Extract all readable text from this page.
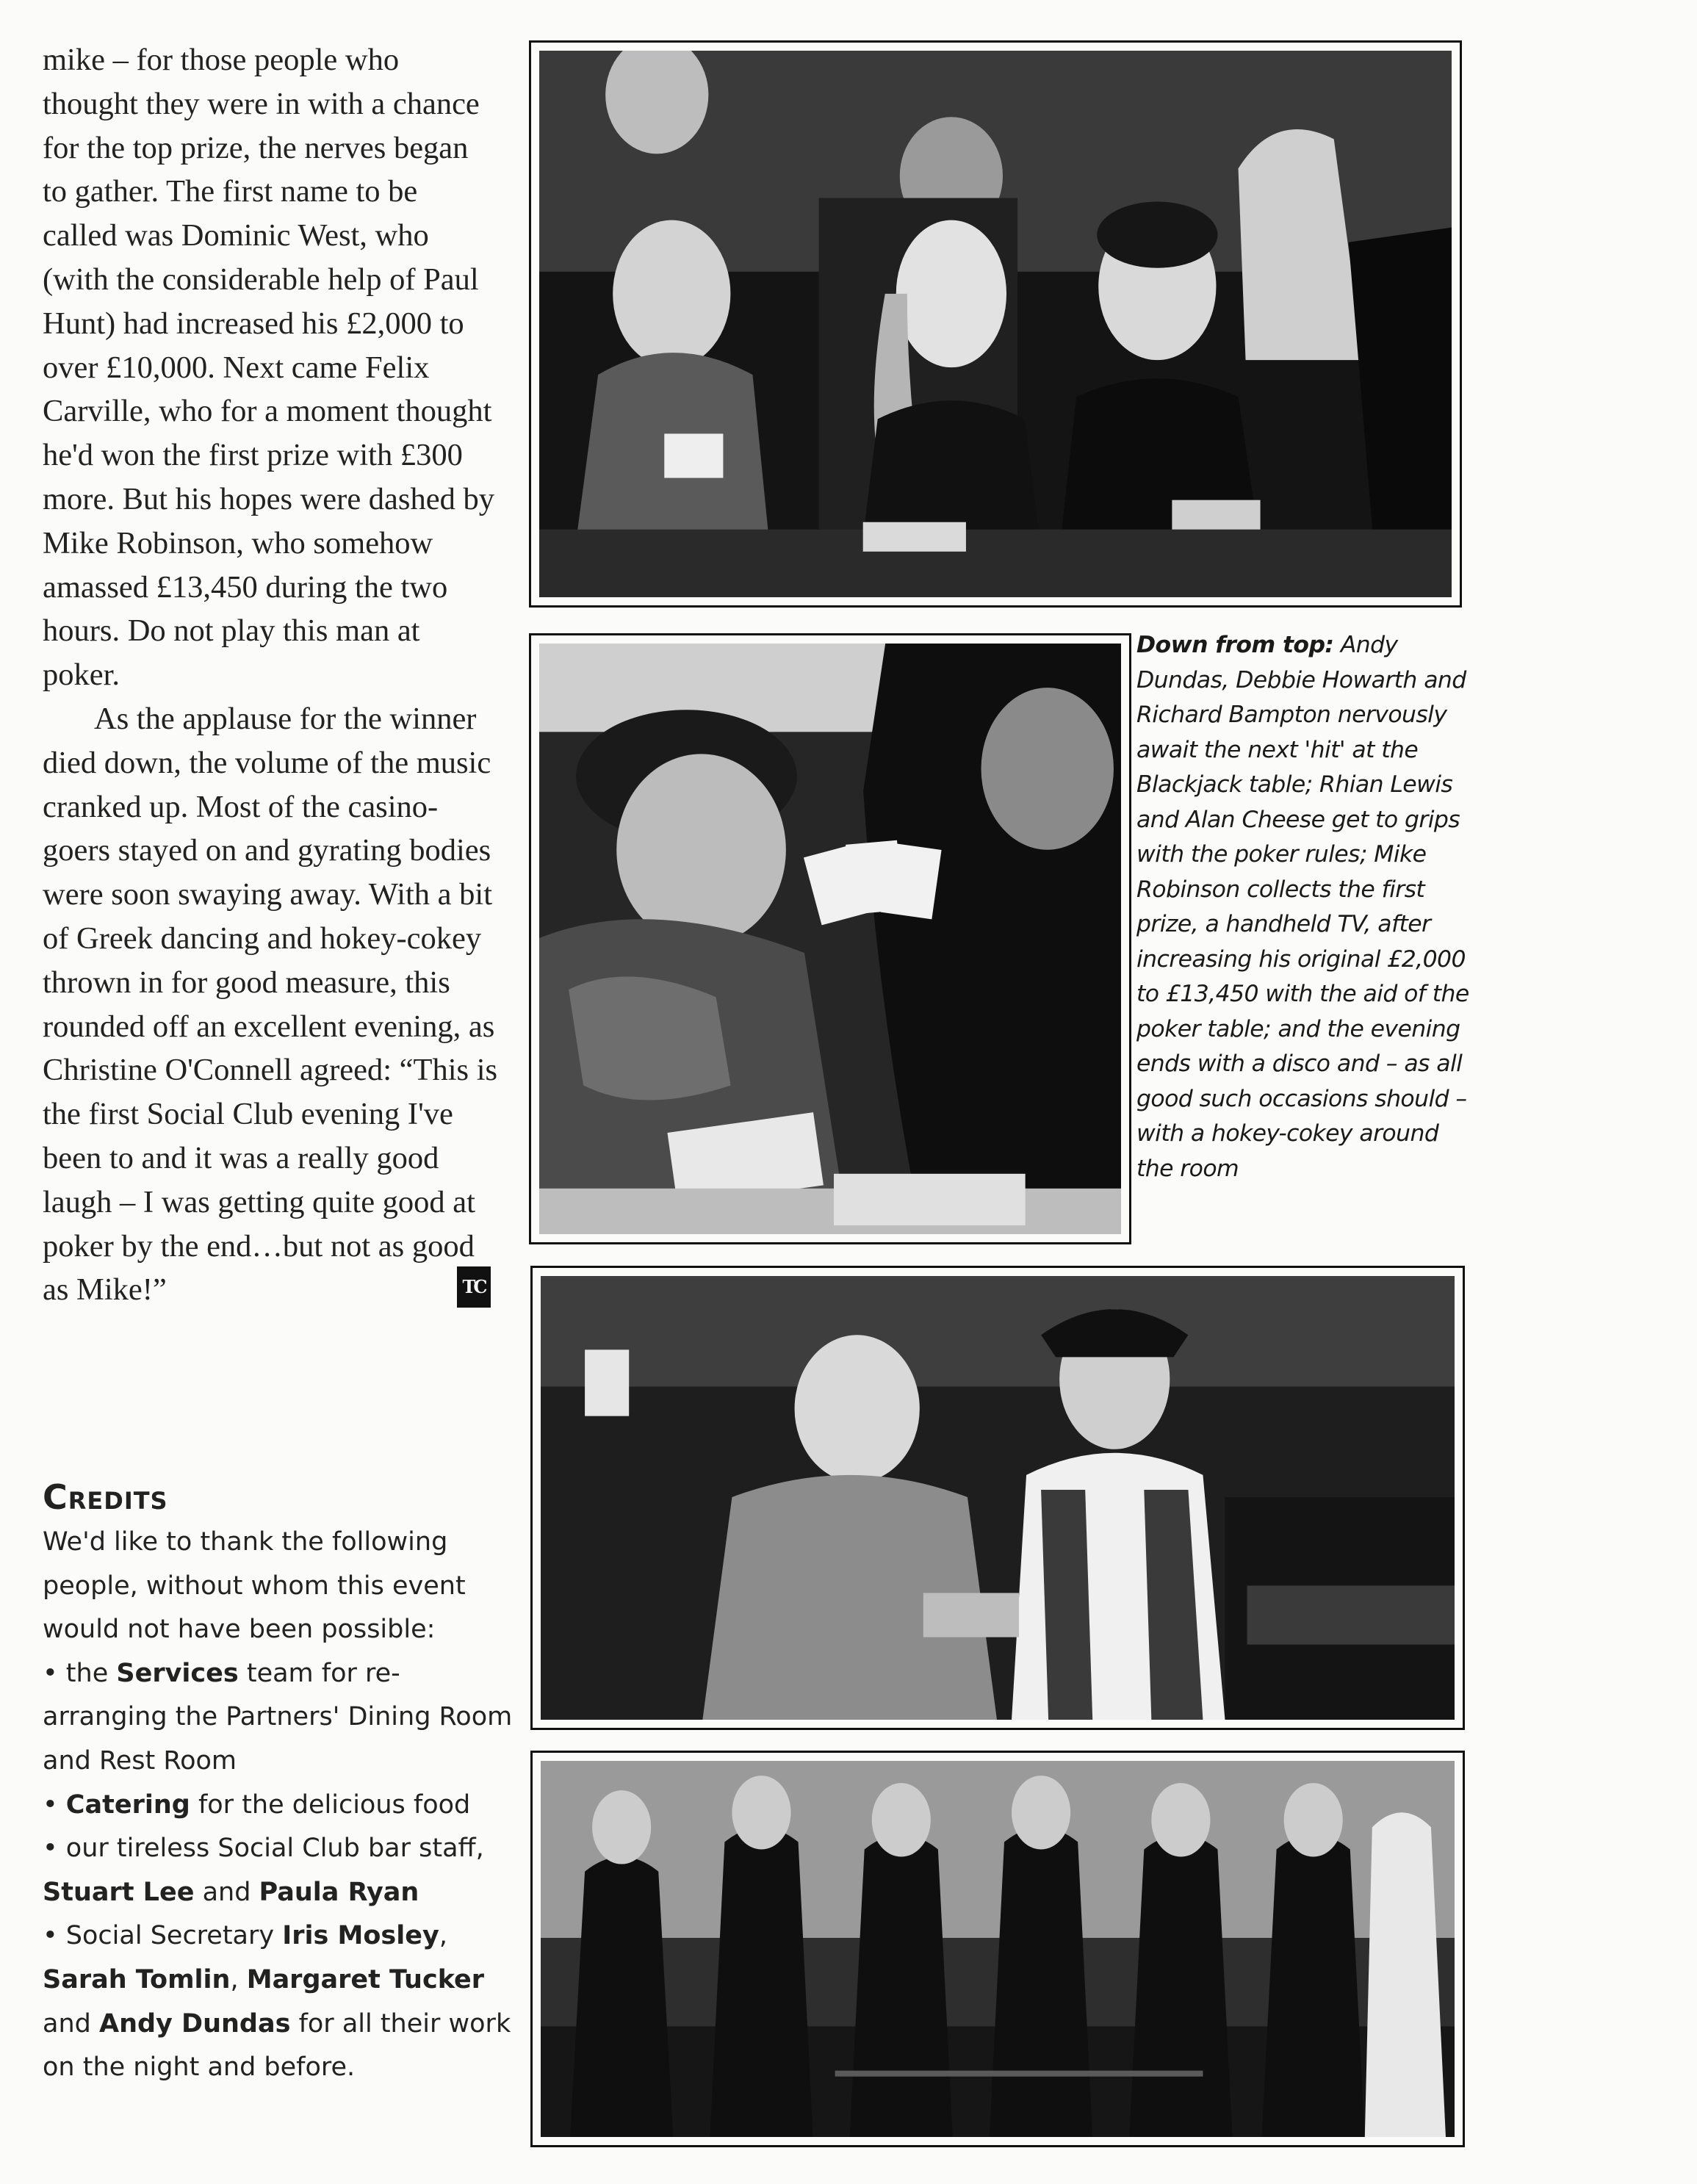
mike – for those people who thought they were in with a chance for the top prize, the nerves began to gather. The first name to be called was Dominic West, who (with the considerable help of Paul Hunt) had increased his £2,000 to over £10,000. Next came Felix Carville, who for a moment thought he'd won the first prize with £300 more. But his hopes were dashed by Mike Robinson, who somehow amassed £13,450 during the two hours. Do not play this man at poker.

As the applause for the winner died down, the volume of the music cranked up. Most of the casino-goers stayed on and gyrating bodies were soon swaying away. With a bit of Greek dancing and hokey-cokey thrown in for good measure, this rounded off an excellent evening, as Christine O'Connell agreed: “This is the first Social Club evening I've been to and it was a really good laugh – I was getting quite good at poker by the end…but not as good as Mike!”	TC
Credits

We'd like to thank the following people, without whom this event would not have been possible:

• the Services team for re-arranging the Partners' Dining Room and Rest Room

• Catering for the delicious food

• our tireless Social Club bar staff, Stuart Lee and Paula Ryan

• Social Secretary Iris Mosley, Sarah Tomlin, Margaret Tucker and Andy Dundas for all their work on the night and before.

Down from top: Andy Dundas, Debbie Howarth and Richard Bampton nervously await the next 'hit' at the Blackjack table; Rhian Lewis and Alan Cheese get to grips with the poker rules; Mike Robinson collects the first prize, a handheld TV, after increasing his original £2,000 to £13,450 with the aid of the poker table; and the evening ends with a disco and – as all good such occasions should – with a hokey-cokey around the room
